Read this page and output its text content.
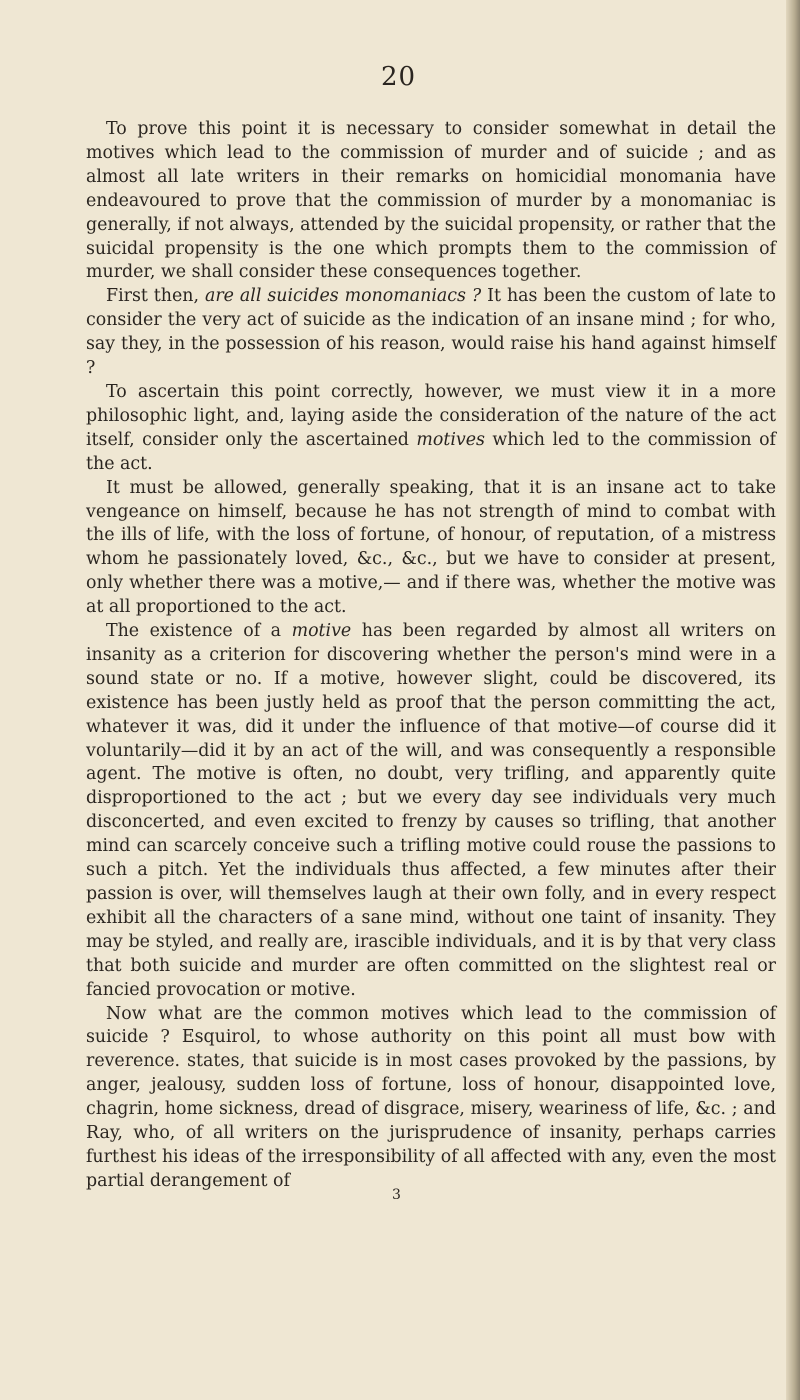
20

To prove this point it is necessary to consider somewhat in detail the motives which lead to the commission of murder and of suicide ; and as almost all late writers in their remarks on homicidial monomania have endeavoured to prove that the commission of murder by a monomaniac is generally, if not always, attended by the suicidal propensity, or rather that the suicidal propensity is the one which prompts them to the commission of murder, we shall consider these consequences together.

First then, are all suicides monomaniacs ? It has been the custom of late to consider the very act of suicide as the indication of an insane mind ; for who, say they, in the possession of his reason, would raise his hand against himself ?

To ascertain this point correctly, however, we must view it in a more philosophic light, and, laying aside the consideration of the nature of the act itself, consider only the ascertained motives which led to the commission of the act.

It must be allowed, generally speaking, that it is an insane act to take vengeance on himself, because he has not strength of mind to combat with the ills of life, with the loss of fortune, of honour, of reputation, of a mistress whom he passionately loved, &c., &c., but we have to consider at present, only whether there was a motive,— and if there was, whether the motive was at all proportioned to the act.

The existence of a motive has been regarded by almost all writers on insanity as a criterion for discovering whether the person's mind were in a sound state or no. If a motive, however slight, could be discovered, its existence has been justly held as proof that the person committing the act, whatever it was, did it under the influence of that motive—of course did it voluntarily—did it by an act of the will, and was consequently a responsible agent. The motive is often, no doubt, very trifling, and apparently quite disproportioned to the act ; but we every day see individuals very much disconcerted, and even excited to frenzy by causes so trifling, that another mind can scarcely conceive such a trifling motive could rouse the passions to such a pitch. Yet the individuals thus affected, a few minutes after their passion is over, will themselves laugh at their own folly, and in every respect exhibit all the characters of a sane mind, without one taint of insanity. They may be styled, and really are, irascible individuals, and it is by that very class that both suicide and murder are often committed on the slightest real or fancied provocation or motive.

Now what are the common motives which lead to the commission of suicide ? Esquirol, to whose authority on this point all must bow with reverence. states, that suicide is in most cases provoked by the passions, by anger, jealousy, sudden loss of fortune, loss of honour, disappointed love, chagrin, home sickness, dread of disgrace, misery, weariness of life, &c. ; and Ray, who, of all writers on the jurisprudence of insanity, perhaps carries furthest his ideas of the irresponsibility of all affected with any, even the most partial derangement of

3
